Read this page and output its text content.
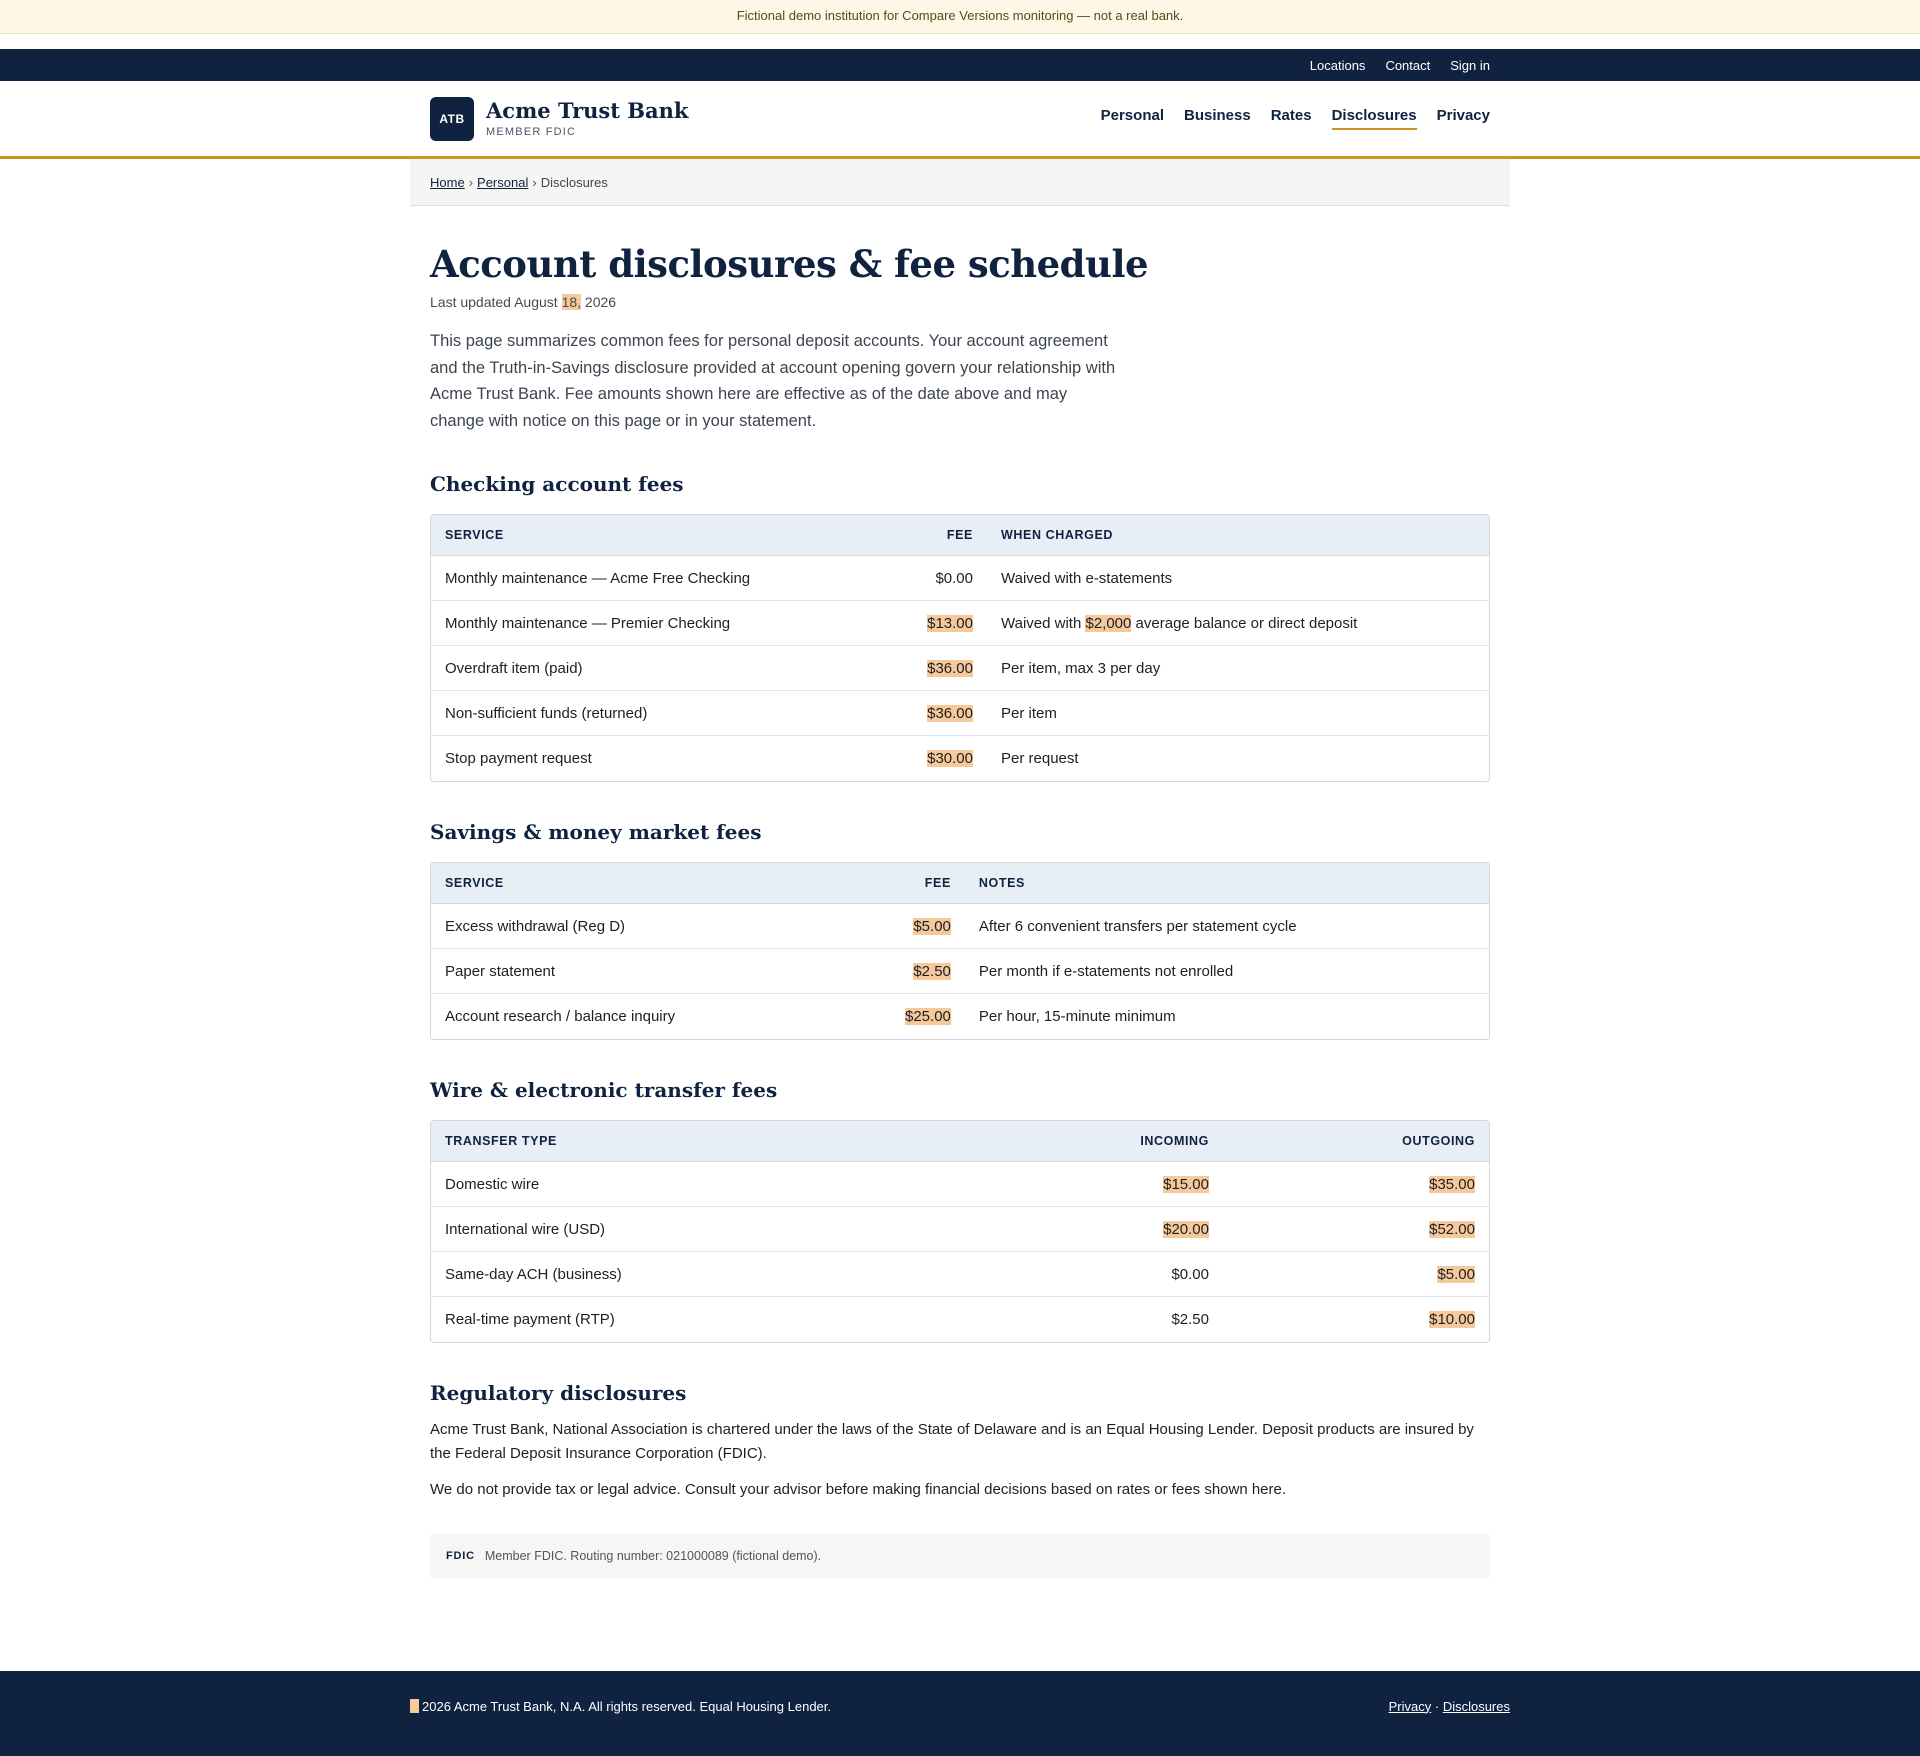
Fictional demo institution for Compare Versions monitoring — not a real bank.
Locations Contact Sign in
ATB	Acme Trust Bank
MEMBER FDIC
Personal Business Rates Disclosures Privacy
Home › Personal › Disclosures
Account disclosures & fee schedule
Last updated August 18, 2026

This page summarizes common fees for personal deposit accounts. Your account agreement and the Truth-in-Savings disclosure provided at account opening govern your relationship with Acme Trust Bank. Fee amounts shown here are effective as of the date above and may change with notice on this page or in your statement.

Checking account fees
SERVICE	FEE	WHEN CHARGED
Monthly maintenance — Acme Free Checking	$0.00	Waived with e-statements
Monthly maintenance — Premier Checking	$13.00	Waived with $2,000 average balance or direct deposit
Overdraft item (paid)	$36.00	Per item, max 3 per day
Non-sufficient funds (returned)	$36.00	Per item
Stop payment request	$30.00	Per request
Savings & money market fees
SERVICE	FEE	NOTES
Excess withdrawal (Reg D)	$5.00	After 6 convenient transfers per statement cycle
Paper statement	$2.50	Per month if e-statements not enrolled
Account research / balance inquiry	$25.00	Per hour, 15-minute minimum
Wire & electronic transfer fees
TRANSFER TYPE	INCOMING	OUTGOING
Domestic wire	$15.00	$35.00
International wire (USD)	$20.00	$52.00
Same-day ACH (business)	$0.00	$5.00
Real-time payment (RTP)	$2.50	$10.00
Regulatory disclosures

Acme Trust Bank, National Association is chartered under the laws of the State of Delaware and is an Equal Housing Lender. Deposit products are insured by the Federal Deposit Insurance Corporation (FDIC).

We do not provide tax or legal advice. Consult your advisor before making financial decisions based on rates or fees shown here.

FDIC Member FDIC. Routing number: 021000089 (fictional demo).
2026 Acme Trust Bank, N.A. All rights reserved. Equal Housing Lender.	Privacy · Disclosures
